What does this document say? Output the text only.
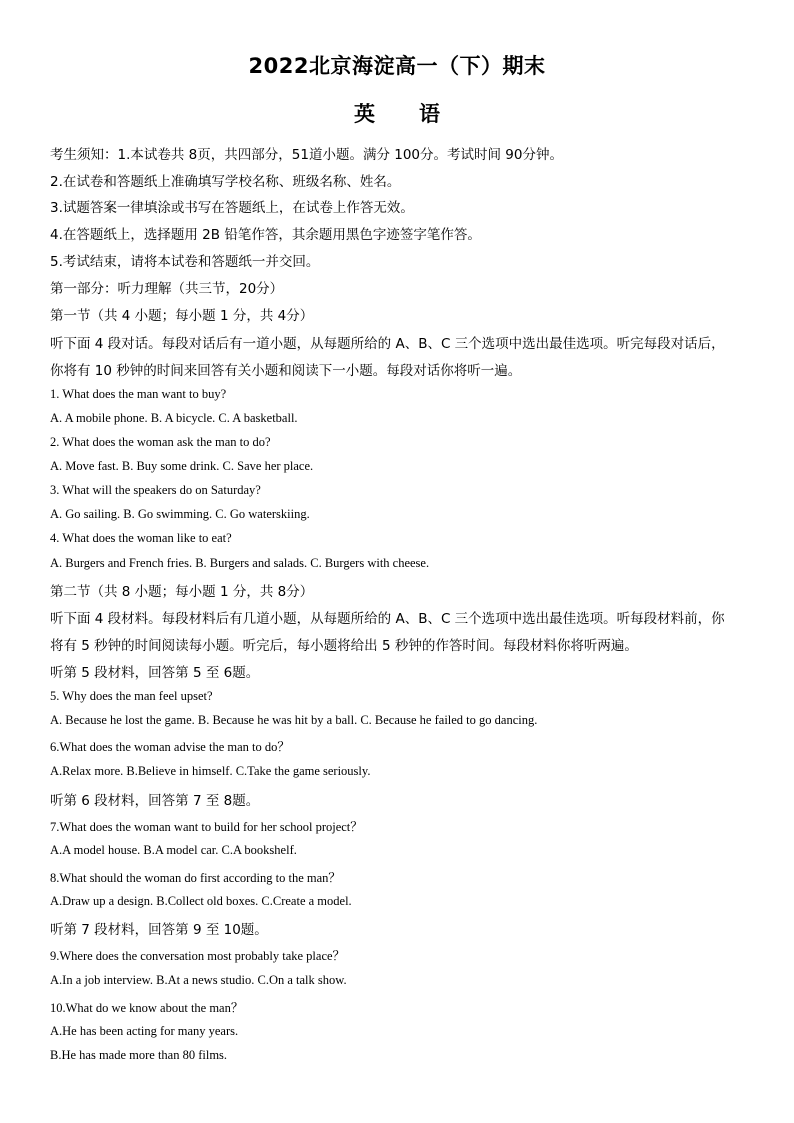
2022北京海淀高一（下）期末
英语
考生须知：1.本试卷共 8页，共四部分，51道小题。满分 100分。考试时间 90分钟。
2.在试卷和答题纸上准确填写学校名称、班级名称、姓名。
3.试题答案一律填涂或书写在答题纸上，在试卷上作答无效。
4.在答题纸上，选择题用 2B 铅笔作答，其余题用黑色字迹签字笔作答。
5.考试结束，请将本试卷和答题纸一并交回。
第一部分：听力理解（共三节，20分）
第一节（共 4 小题；每小题 1 分，共 4分）
听下面 4 段对话。每段对话后有一道小题，从每题所给的 A、B、C 三个选项中选出最佳选项。听完每段对话后，
你将有 10 秒钟的时间来回答有关小题和阅读下一小题。每段对话你将听一遍。
1. What does the man want to buy?
A. A mobile phone. B. A bicycle. C. A basketball.
2. What does the woman ask the man to do?
A. Move fast. B. Buy some drink. C. Save her place.
3. What will the speakers do on Saturday?
A. Go sailing. B. Go swimming. C. Go waterskiing.
4. What does the woman like to eat?
A. Burgers and French fries. B. Burgers and salads. C. Burgers with cheese.
第二节（共 8 小题；每小题 1 分，共 8分）
听下面 4 段材料。每段材料后有几道小题，从每题所给的 A、B、C 三个选项中选出最佳选项。听每段材料前，你
将有 5 秒钟的时间阅读每小题。听完后，每小题将给出 5 秒钟的作答时间。每段材料你将听两遍。
听第 5 段材料，回答第 5 至 6题。
5. Why does the man feel upset?
A. Because he lost the game. B. Because he was hit by a ball. C. Because he failed to go dancing.
6.What does the woman advise the man to do？
A.Relax more. B.Believe in himself. C.Take the game seriously.
听第 6 段材料，回答第 7 至 8题。
7.What does the woman want to build for her school project？
A.A model house. B.A model car. C.A bookshelf.
8.What should the woman do first according to the man？
A.Draw up a design. B.Collect old boxes. C.Create a model.
听第 7 段材料，回答第 9 至 10题。
9.Where does the conversation most probably take place？
A.In a job interview. B.At a news studio. C.On a talk show.
10.What do we know about the man？
A.He has been acting for many years.
B.He has made more than 80 films.
